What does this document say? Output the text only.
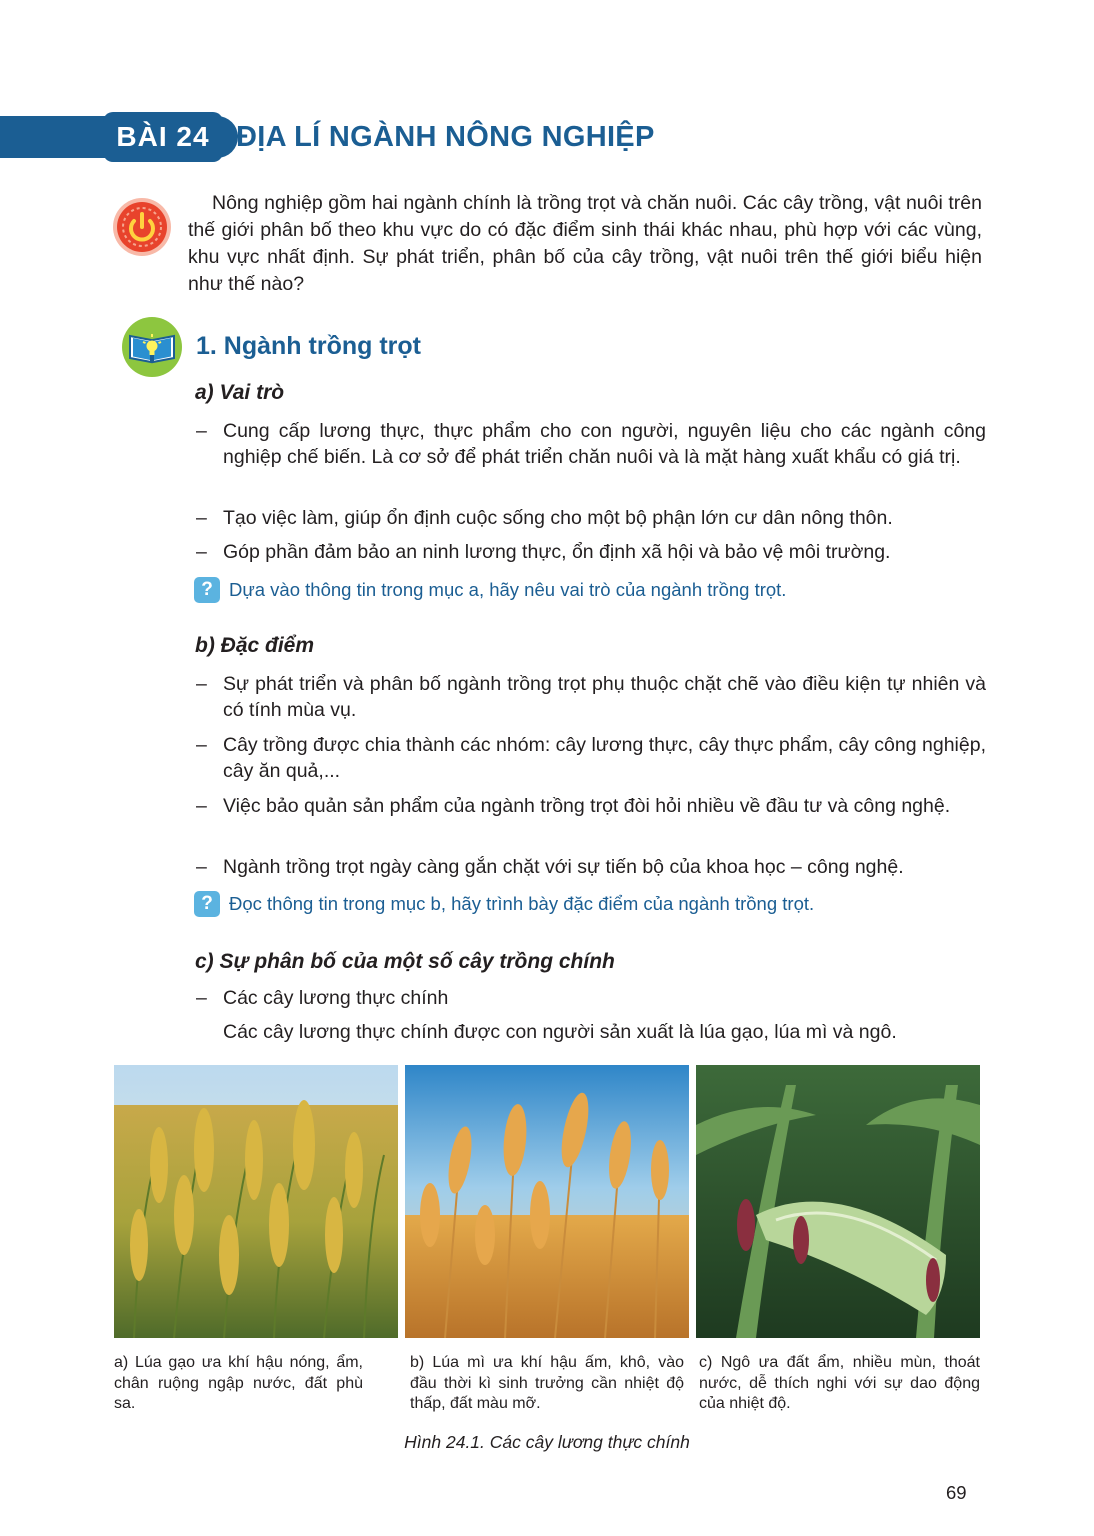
BÀI 24 ĐỊA LÍ NGÀNH NÔNG NGHIỆP
Nông nghiệp gồm hai ngành chính là trồng trọt và chăn nuôi. Các cây trồng, vật nuôi trên thế giới phân bố theo khu vực do có đặc điểm sinh thái khác nhau, phù hợp với các vùng, khu vực nhất định. Sự phát triển, phân bố của cây trồng, vật nuôi trên thế giới biểu hiện như thế nào?
1. Ngành trồng trọt
a) Vai trò
– Cung cấp lương thực, thực phẩm cho con người, nguyên liệu cho các ngành công nghiệp chế biến. Là cơ sở để phát triển chăn nuôi và là mặt hàng xuất khẩu có giá trị.
– Tạo việc làm, giúp ổn định cuộc sống cho một bộ phận lớn cư dân nông thôn.
– Góp phần đảm bảo an ninh lương thực, ổn định xã hội và bảo vệ môi trường.
? Dựa vào thông tin trong mục a, hãy nêu vai trò của ngành trồng trọt.
b) Đặc điểm
– Sự phát triển và phân bố ngành trồng trọt phụ thuộc chặt chẽ vào điều kiện tự nhiên và có tính mùa vụ.
– Cây trồng được chia thành các nhóm: cây lương thực, cây thực phẩm, cây công nghiệp, cây ăn quả,...
– Việc bảo quản sản phẩm của ngành trồng trọt đòi hỏi nhiều về đầu tư và công nghệ.
– Ngành trồng trọt ngày càng gắn chặt với sự tiến bộ của khoa học – công nghệ.
? Đọc thông tin trong mục b, hãy trình bày đặc điểm của ngành trồng trọt.
c) Sự phân bố của một số cây trồng chính
– Các cây lương thực chính
Các cây lương thực chính được con người sản xuất là lúa gạo, lúa mì và ngô.
a) Lúa gạo ưa khí hậu nóng, ẩm, chân ruộng ngập nước, đất phù sa.
b) Lúa mì ưa khí hậu ấm, khô, vào đầu thời kì sinh trưởng cần nhiệt độ thấp, đất màu mỡ.
c) Ngô ưa đất ẩm, nhiều mùn, thoát nước, dễ thích nghi với sự dao động của nhiệt độ.
Hình 24.1. Các cây lương thực chính
69
